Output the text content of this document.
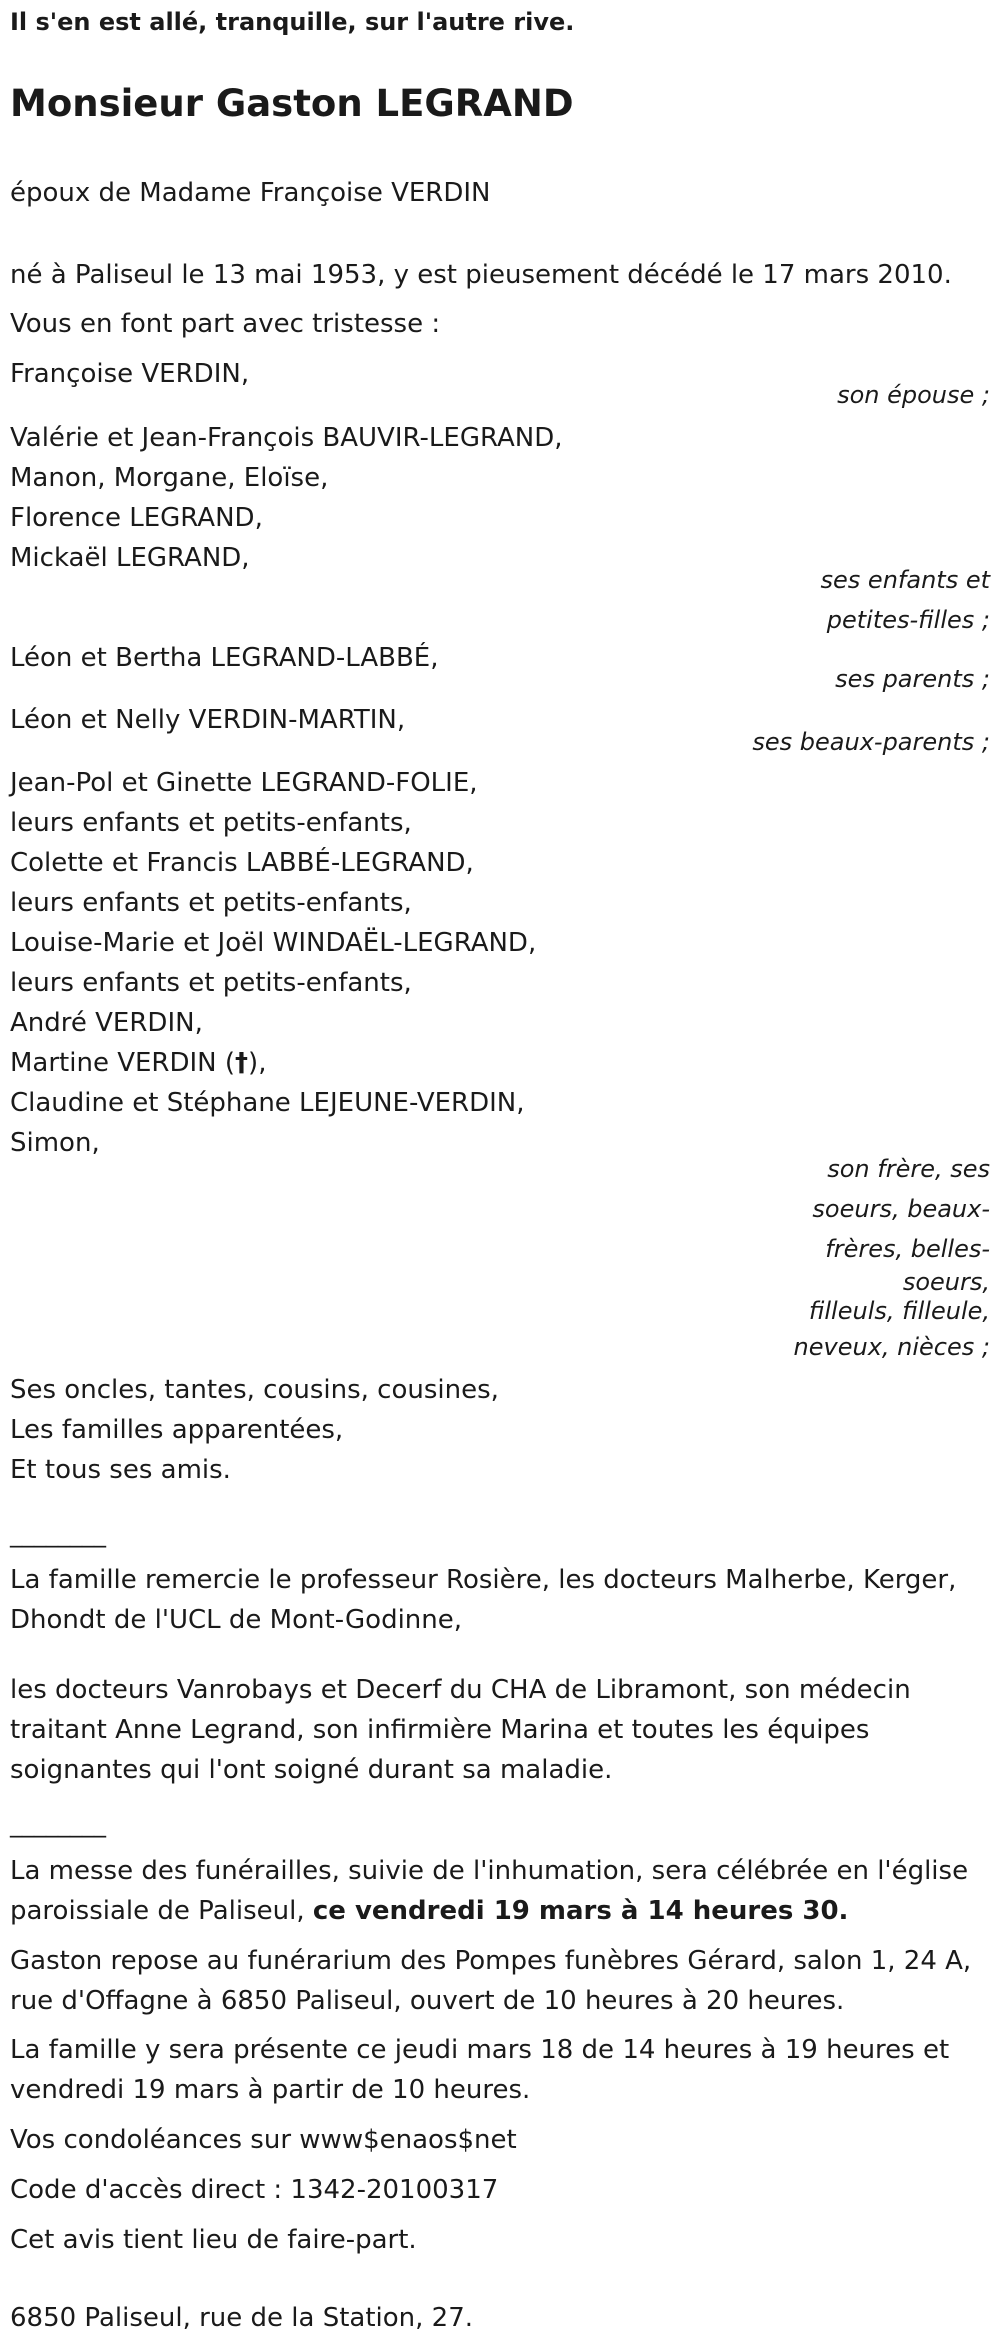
Il s'en est allé, tranquille, sur l'autre rive.
Monsieur Gaston LEGRAND
époux de Madame Françoise VERDIN
né à Paliseul le 13 mai 1953, y est pieusement décédé le 17 mars 2010.
Vous en font part avec tristesse :
Françoise VERDIN,
son épouse ;
Valérie et Jean-François BAUVIR-LEGRAND,
Manon, Morgane, Eloïse,
Florence LEGRAND,
Mickaël LEGRAND,
ses enfants et
petites-filles ;
Léon et Bertha LEGRAND-LABBÉ,
ses parents ;
Léon et Nelly VERDIN-MARTIN,
ses beaux-parents ;
Jean-Pol et Ginette LEGRAND-FOLIE,
leurs enfants et petits-enfants,
Colette et Francis LABBÉ-LEGRAND,
leurs enfants et petits-enfants,
Louise-Marie et Joël WINDAËL-LEGRAND,
leurs enfants et petits-enfants,
André VERDIN,
Martine VERDIN (†),
Claudine et Stéphane LEJEUNE-VERDIN,
Simon,
son frère, ses
soeurs, beaux-
frères, belles-
soeurs,
filleuls, filleule,
neveux, nièces ;
Ses oncles, tantes, cousins, cousines,
Les familles apparentées,
Et tous ses amis.
________
La famille remercie le professeur Rosière, les docteurs Malherbe, Kerger,
Dhondt de l'UCL de Mont-Godinne,
les docteurs Vanrobays et Decerf du CHA de Libramont, son médecin
traitant Anne Legrand, son infirmière Marina et toutes les équipes
soignantes qui l'ont soigné durant sa maladie.
________
La messe des funérailles, suivie de l'inhumation, sera célébrée en l'église
paroissiale de Paliseul, ce vendredi 19 mars à 14 heures 30.
Gaston repose au funérarium des Pompes funèbres Gérard, salon 1, 24 A,
rue d'Offagne à 6850 Paliseul, ouvert de 10 heures à 20 heures.
La famille y sera présente ce jeudi mars 18 de 14 heures à 19 heures et
vendredi 19 mars à partir de 10 heures.
Vos condoléances sur www$enaos$net
Code d'accès direct : 1342-20100317
Cet avis tient lieu de faire-part.
6850 Paliseul, rue de la Station, 27.
